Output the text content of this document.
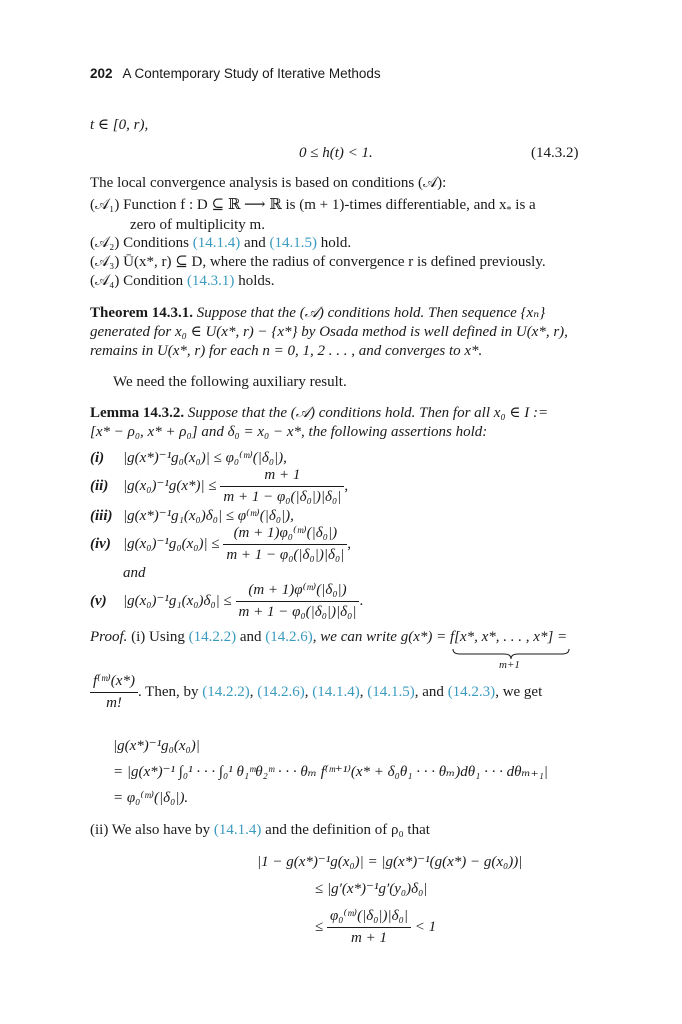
202 A Contemporary Study of Iterative Methods
t ∈ [0, r),
0 ≤ h(t) < 1.	(14.3.2)
The local convergence analysis is based on conditions (𝒜):
(𝒜₁) Function f : D ⊆ ℝ ⟶ ℝ is (m + 1)-times differentiable, and $x_*$ is a
zero of multiplicity m.
(𝒜₂) Conditions (14.1.4) and (14.1.5) hold.
(𝒜₃) Ū(x*, r) ⊆ D, where the radius of convergence r is defined previously.
(𝒜₄) Condition (14.3.1) holds.
Theorem 14.3.1. Suppose that the (𝒜) conditions hold. Then sequence {xₙ}
generated for x₀ ∈ U(x*, r) − {x*} by Osada method is well defined in U(x*, r),
remains in U(x*, r) for each n = 0, 1, 2 . . . , and converges to x*.
We need the following auxiliary result.
Lemma 14.3.2. Suppose that the (𝒜) conditions hold. Then for all x₀ ∈ I :=
[x* − ρ₀, x* + ρ₀] and δ₀ = x₀ − x*, the following assertions hold:
(i) |g(x*)⁻¹g₀(x₀)| ≤ φ₀⁽ᵐ⁾(|δ₀|),
(ii) $|g(x_0)^{-1}g(x*)| \le \frac{m + 1}{\text{m + 1 − φ₀(|δ₀|)|δ₀|}}$ ,
(iii) |g(x*)⁻¹g₁(x₀)δ₀| ≤ φ⁽ᵐ⁾(|δ₀|),
(iv) $|g(x_0)^{-1}g_0(x_0)| \le \frac{\text{(m + 1)φ₀⁽ᵐ⁾(|δ₀|)}}{\text{m + 1 − φ₀(|δ₀|)|δ₀|}}$ ,
and
(v) $|g(x_0)^{-1}g_1(x_0)\delta_0| \le \frac{\text{(m + 1)φ⁽ᵐ⁾(|δ₀|)}}{\text{m + 1 − φ₀(|δ₀|)|δ₀|}}$ .
Proof. (i) Using (14.2.2) and (14.2.6), we can write g(x*) = f[x*, x*, . . . , x*] =
m+1
$\frac{\text{f⁽ᵐ⁾(x*)}}{m!}$ . Then, by (14.2.2), (14.2.6), (14.1.4), (14.1.5), and (14.2.3), we get
|g(x*)⁻¹g₀(x₀)|
= |g(x*)⁻¹ ∫₀¹ · · · ∫₀¹ θ₁ᵐθ₂ᵐ · · · θₘ f⁽ᵐ⁺¹⁾(x* + δ₀θ₁ · · · θₘ)dθ₁ · · · dθₘ₊₁|
= φ₀⁽ᵐ⁾(|δ₀|).
(ii) We also have by (14.1.4) and the definition of ρ₀ that
|1 − g(x*)⁻¹g(x₀)| = |g(x*)⁻¹(g(x*) − g(x₀))|
≤ |g′(x*)⁻¹g′(y₀)δ₀|
≤ $\frac{\text{φ₀⁽ᵐ⁾(|δ₀|)|δ₀|}}{m + 1} < 1$
